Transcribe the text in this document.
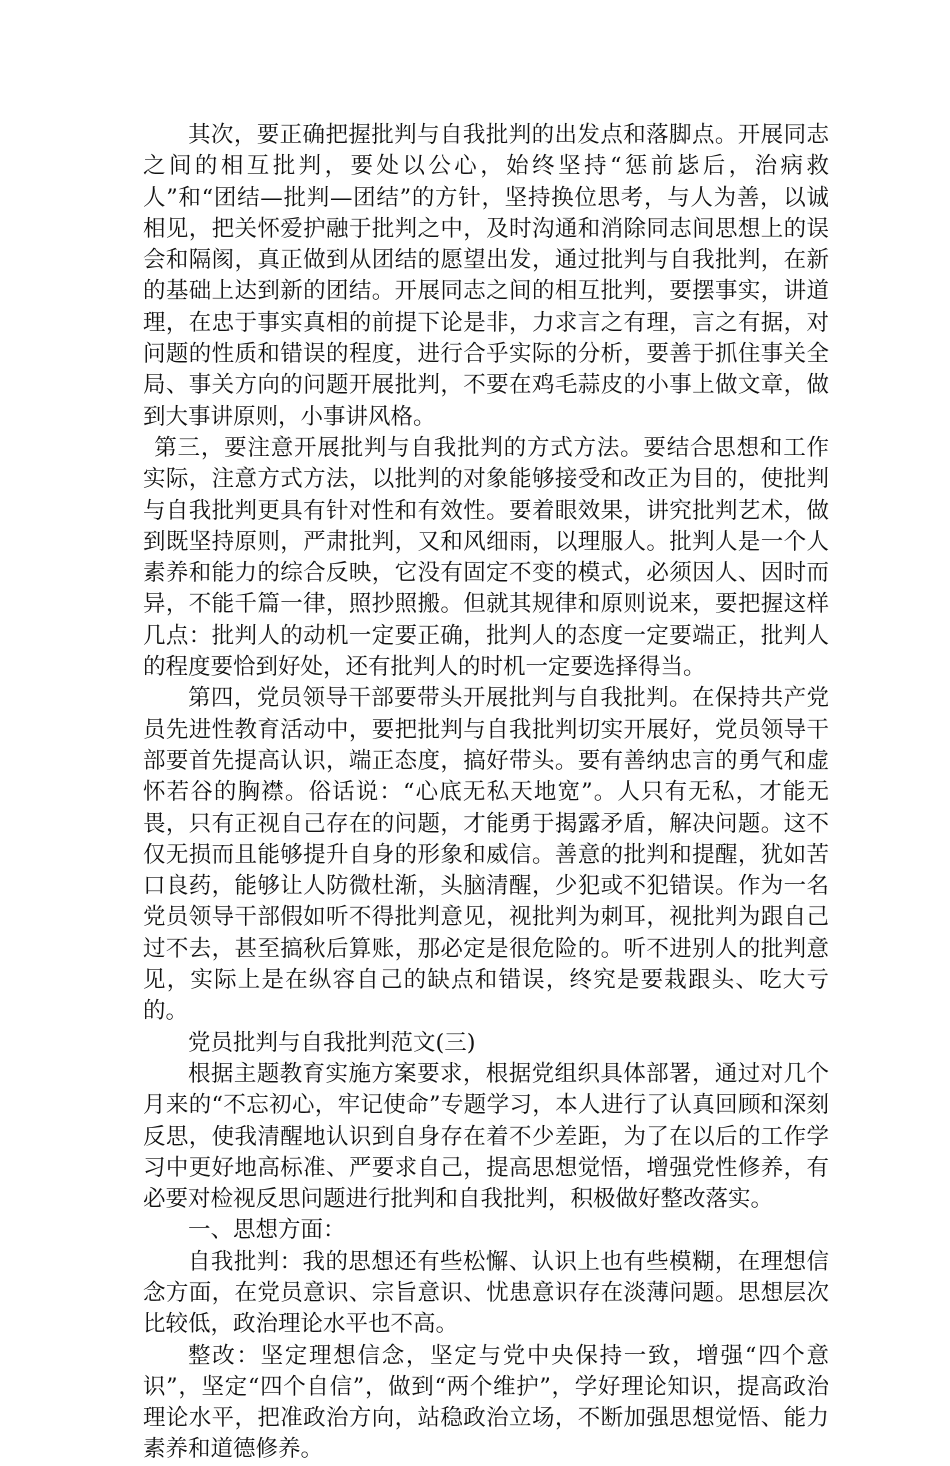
其次，要正确把握批判与自我批判的出发点和落脚点。开展同志之间的相互批判，要处以公心，始终坚持“惩前毖后，治病救人”和“团结—批判—团结”的方针，坚持换位思考，与人为善，以诚相见，把关怀爱护融于批判之中，及时沟通和消除同志间思想上的误会和隔阂，真正做到从团结的愿望出发，通过批判与自我批判，在新的基础上达到新的团结。开展同志之间的相互批判，要摆事实，讲道理，在忠于事实真相的前提下论是非，力求言之有理，言之有据，对问题的性质和错误的程度，进行合乎实际的分析，要善于抓住事关全局、事关方向的问题开展批判，不要在鸡毛蒜皮的小事上做文章，做到大事讲原则，小事讲风格。

第三，要注意开展批判与自我批判的方式方法。要结合思想和工作实际，注意方式方法，以批判的对象能够接受和改正为目的，使批判与自我批判更具有针对性和有效性。要着眼效果，讲究批判艺术，做到既坚持原则，严肃批判，又和风细雨，以理服人。批判人是一个人素养和能力的综合反映，它没有固定不变的模式，必须因人、因时而异，不能千篇一律，照抄照搬。但就其规律和原则说来，要把握这样几点：批判人的动机一定要正确，批判人的态度一定要端正，批判人的程度要恰到好处，还有批判人的时机一定要选择得当。

第四，党员领导干部要带头开展批判与自我批判。在保持共产党员先进性教育活动中，要把批判与自我批判切实开展好，党员领导干部要首先提高认识，端正态度，搞好带头。要有善纳忠言的勇气和虚怀若谷的胸襟。俗话说：“心底无私天地宽”。人只有无私，才能无畏，只有正视自己存在的问题，才能勇于揭露矛盾，解决问题。这不仅无损而且能够提升自身的形象和威信。善意的批判和提醒，犹如苦口良药，能够让人防微杜渐，头脑清醒，少犯或不犯错误。作为一名党员领导干部假如听不得批判意见，视批判为刺耳，视批判为跟自己过不去，甚至搞秋后算账，那必定是很危险的。听不进别人的批判意见，实际上是在纵容自己的缺点和错误，终究是要栽跟头、吃大亏的。

党员批判与自我批判范文(三)

根据主题教育实施方案要求，根据党组织具体部署，通过对几个月来的“不忘初心，牢记使命”专题学习，本人进行了认真回顾和深刻反思，使我清醒地认识到自身存在着不少差距，为了在以后的工作学习中更好地高标准、严要求自己，提高思想觉悟，增强党性修养，有必要对检视反思问题进行批判和自我批判，积极做好整改落实。

一、思想方面：

自我批判：我的思想还有些松懈、认识上也有些模糊，在理想信念方面，在党员意识、宗旨意识、忧患意识存在淡薄问题。思想层次比较低，政治理论水平也不高。

整改：坚定理想信念，坚定与党中央保持一致，增强“四个意识”，坚定“四个自信”，做到“两个维护”，学好理论知识，提高政治理论水平，把准政治方向，站稳政治立场，不断加强思想觉悟、能力素养和道德修养。
